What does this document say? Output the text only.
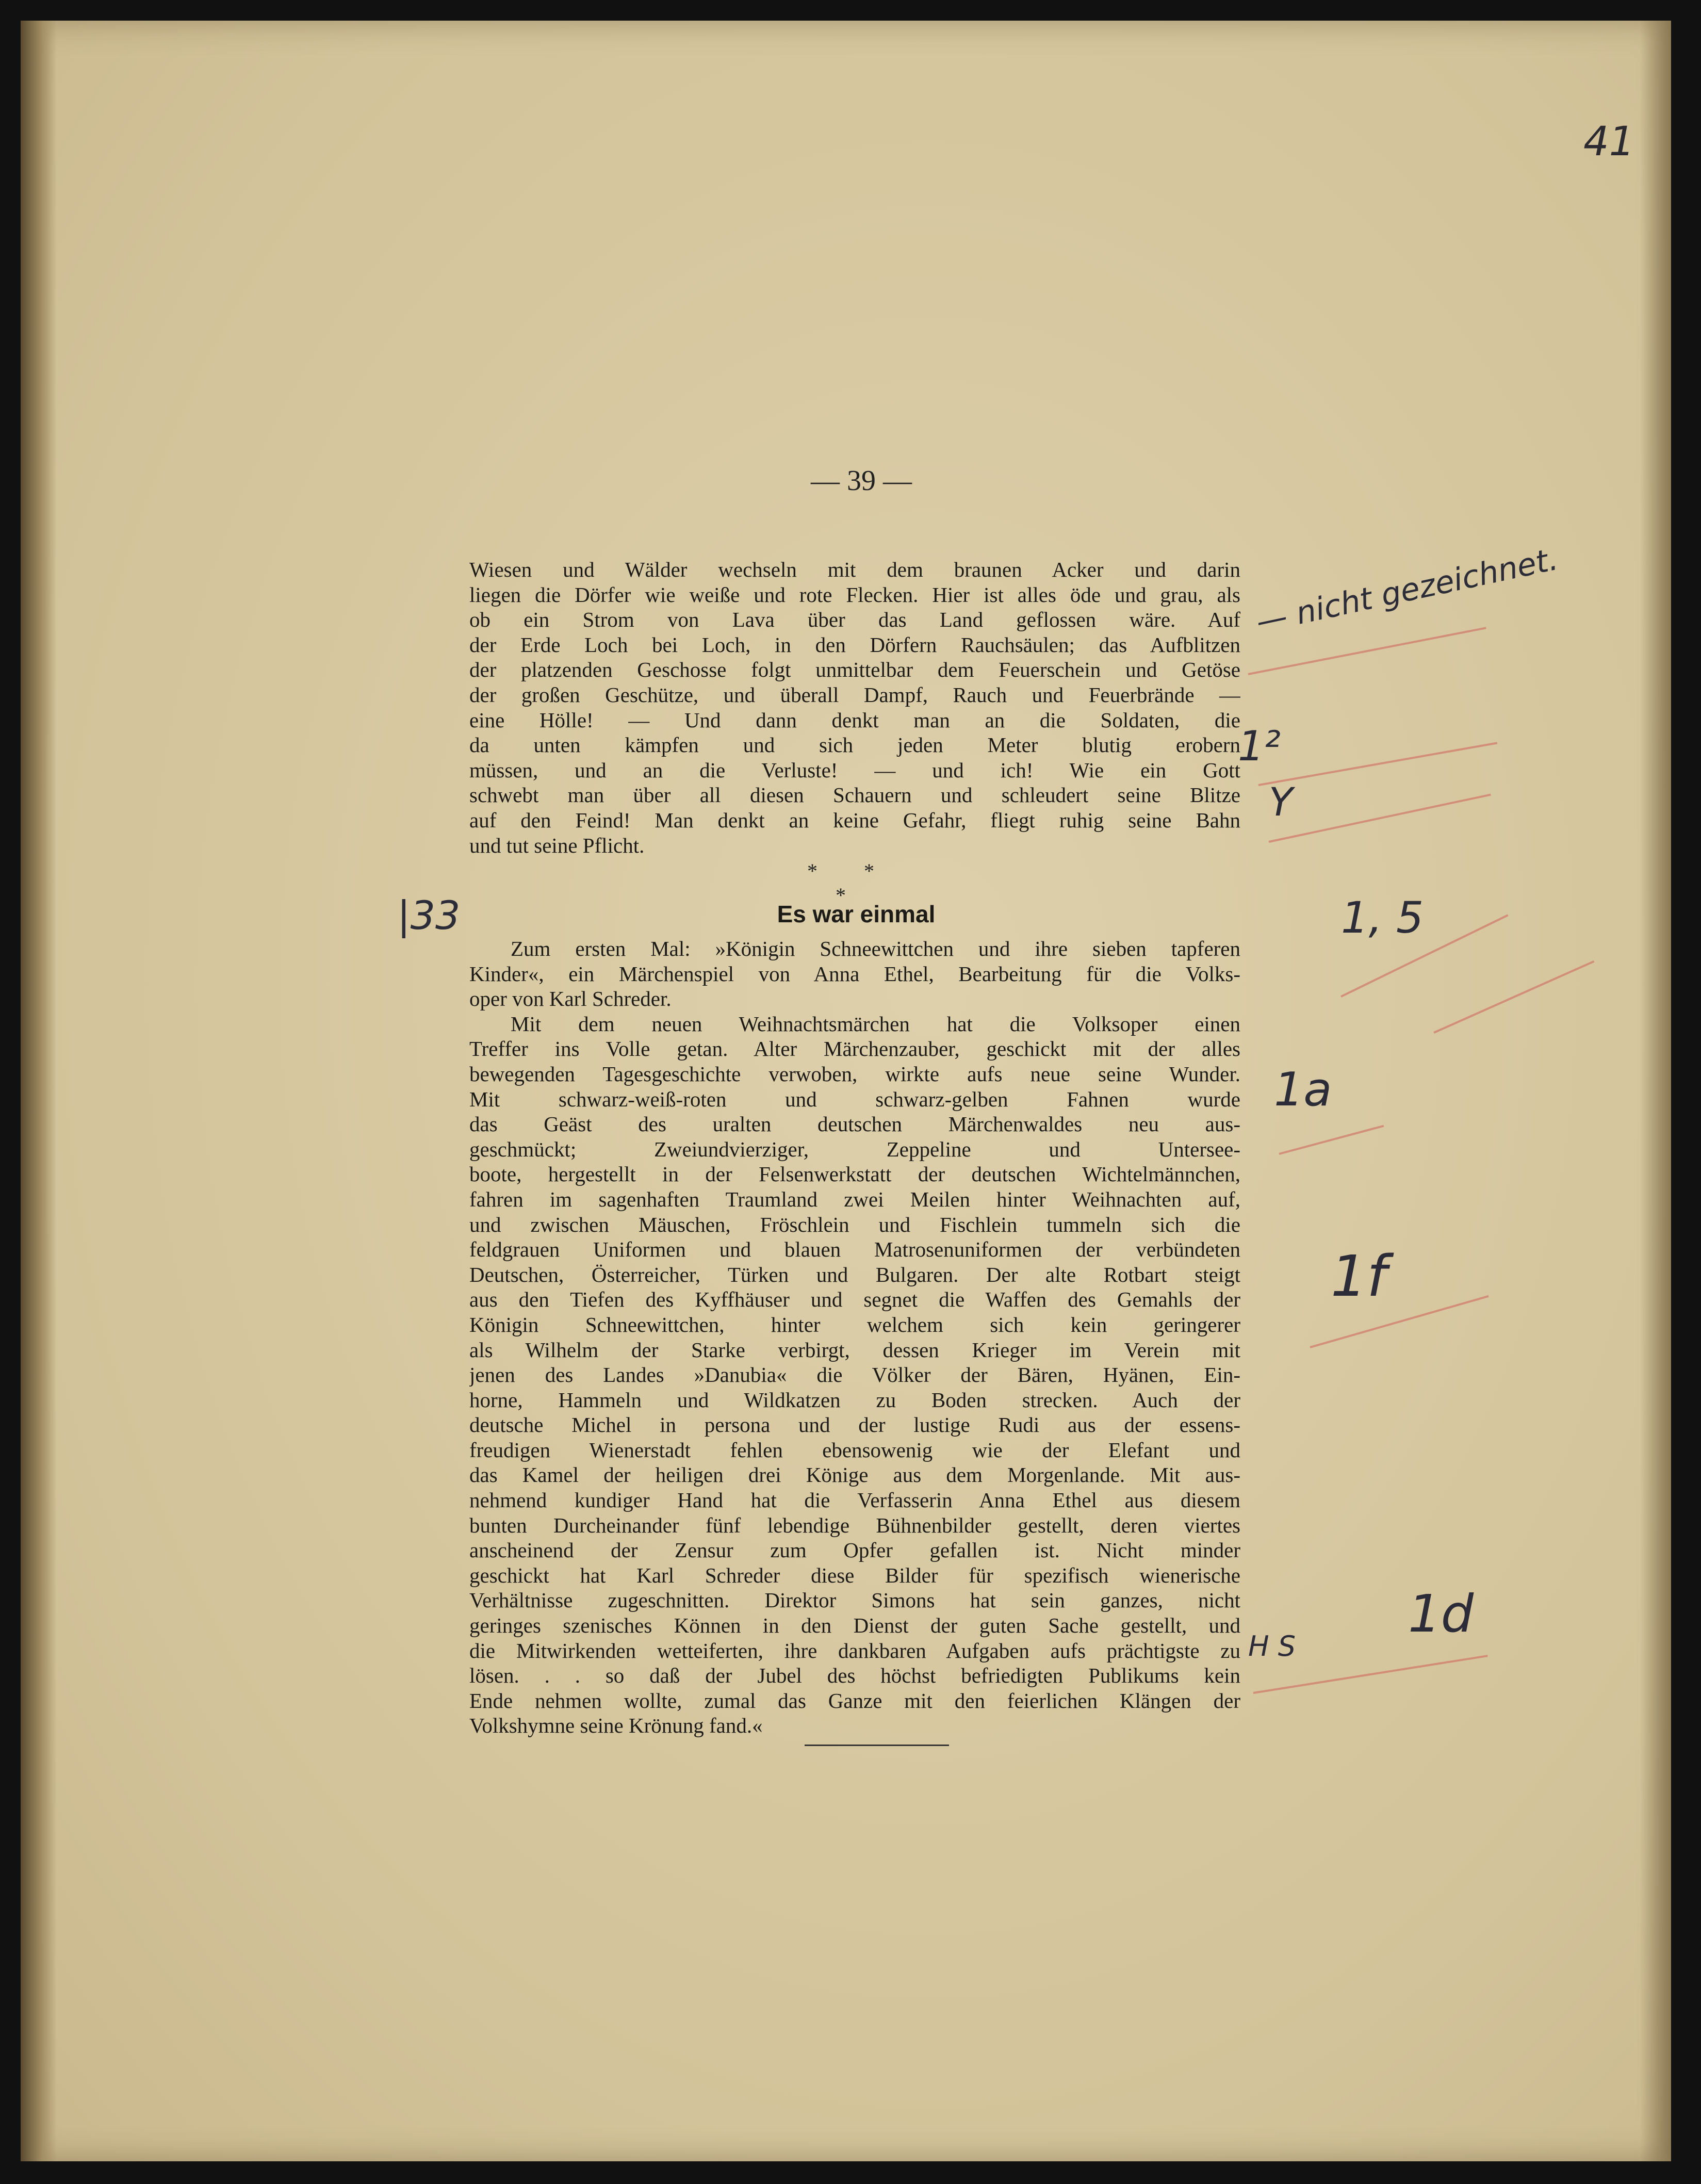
41
— 39 —
Wiesen und Wälder wechseln mit dem braunen Acker und darin
liegen die Dörfer wie weiße und rote Flecken. Hier ist alles öde und grau, als
ob ein Strom von Lava über das Land geflossen wäre. Auf
der Erde Loch bei Loch, in den Dörfern Rauchsäulen; das Aufblitzen
der platzenden Geschosse folgt unmittelbar dem Feuerschein und Getöse
der großen Geschütze, und überall Dampf, Rauch und Feuerbrände —
eine Hölle! — Und dann denkt man an die Soldaten, die
da unten kämpfen und sich jeden Meter blutig erobern
müssen, und an die Verluste! — und ich! Wie ein Gott
schwebt man über all diesen Schauern und schleudert seine Blitze
auf den Feind! Man denkt an keine Gefahr, fliegt ruhig seine Bahn
und tut seine Pflicht.
* * *
Es war einmal
Zum ersten Mal: »Königin Schneewittchen und ihre sieben tapferen
Kinder«, ein Märchenspiel von Anna Ethel, Bearbeitung für die Volks-
oper von Karl Schreder.
Mit dem neuen Weihnachtsmärchen hat die Volksoper einen
Treffer ins Volle getan. Alter Märchenzauber, geschickt mit der alles
bewegenden Tagesgeschichte verwoben, wirkte aufs neue seine Wunder.
Mit schwarz-weiß-roten und schwarz-gelben Fahnen wurde
das Geäst des uralten deutschen Märchenwaldes neu aus-
geschmückt; Zweiundvierziger, Zeppeline und Untersee-
boote, hergestellt in der Felsenwerkstatt der deutschen Wichtelmännchen,
fahren im sagenhaften Traumland zwei Meilen hinter Weihnachten auf,
und zwischen Mäuschen, Fröschlein und Fischlein tummeln sich die
feldgrauen Uniformen und blauen Matrosenuniformen der verbündeten
Deutschen, Österreicher, Türken und Bulgaren. Der alte Rotbart steigt
aus den Tiefen des Kyffhäuser und segnet die Waffen des Gemahls der
Königin Schneewittchen, hinter welchem sich kein geringerer
als Wilhelm der Starke verbirgt, dessen Krieger im Verein mit
jenen des Landes »Danubia« die Völker der Bären, Hyänen, Ein-
horne, Hammeln und Wildkatzen zu Boden strecken. Auch der
deutsche Michel in persona und der lustige Rudi aus der essens-
freudigen Wienerstadt fehlen ebensowenig wie der Elefant und
das Kamel der heiligen drei Könige aus dem Morgenlande. Mit aus-
nehmend kundiger Hand hat die Verfasserin Anna Ethel aus diesem
bunten Durcheinander fünf lebendige Bühnenbilder gestellt, deren viertes
anscheinend der Zensur zum Opfer gefallen ist. Nicht minder
geschickt hat Karl Schreder diese Bilder für spezifisch wienerische
Verhältnisse zugeschnitten. Direktor Simons hat sein ganzes, nicht
geringes szenisches Können in den Dienst der guten Sache gestellt, und
die Mitwirkenden wetteiferten, ihre dankbaren Aufgaben aufs prächtigste zu
lösen. . . so daß der Jubel des höchst befriedigten Publikums kein
Ende nehmen wollte, zumal das Ganze mit den feierlichen Klängen der
Volkshymne seine Krönung fand.«
— nicht gezeichnet.
1²
Y
|33	1, 5
1a
1f
H S
1d
